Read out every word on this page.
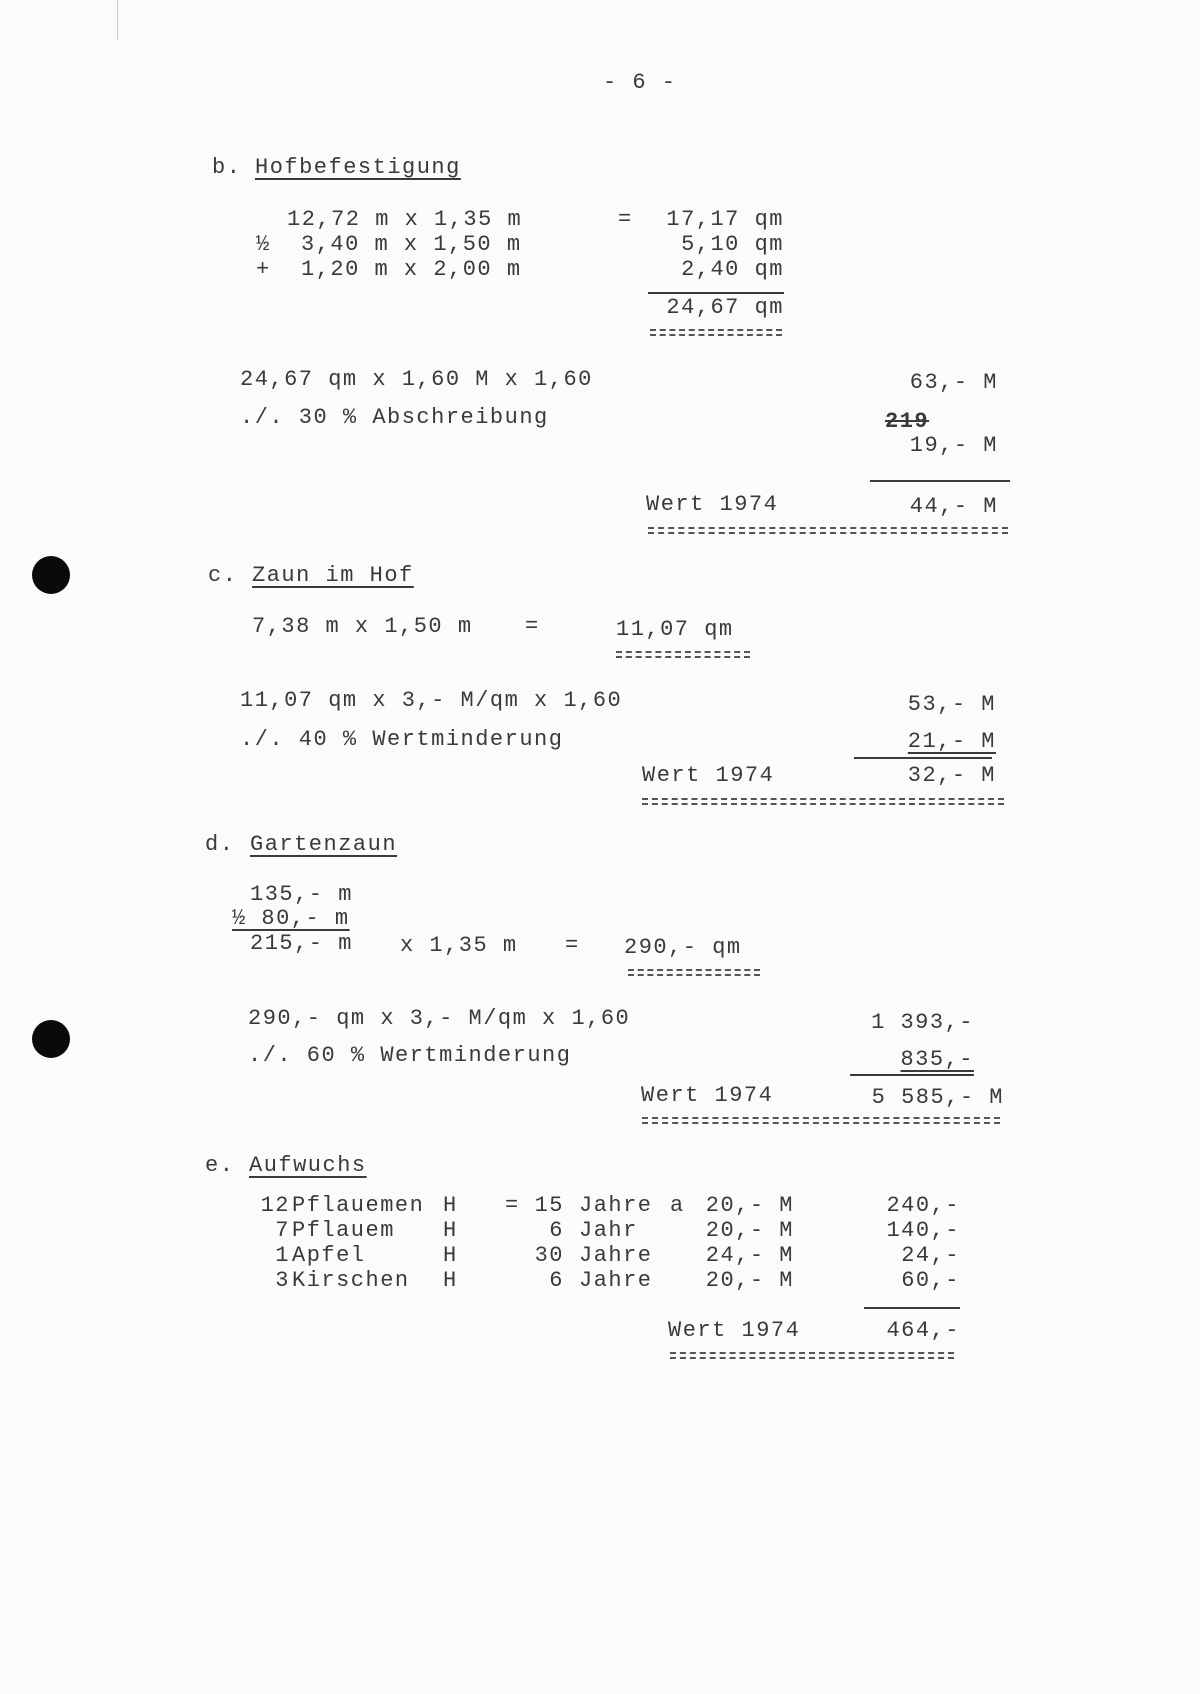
- 6 -
b. Hofbefestigung
12,72 m x 1,35 m	= 17,17 qm
½ 3,40 m x 1,50 m	5,10 qm
+ 1,20 m x 2,00 m	2,40 qm
24,67 qm
24,67 qm x 1,60 M x 1,60	63,- M
./. 30 % Abschreibung	219
19,- M
Wert 1974	44,- M
c. Zaun im Hof
7,38 m x 1,50 m =	11,07 qm
11,07 qm x 3,- M/qm x 1,60	53,- M
./. 40 % Wertminderung	21,- M
Wert 1974	32,- M
d. Gartenzaun
135,- m
½ 80,- m
215,- m x 1,35 m = 290,- qm
290,- qm x 3,- M/qm x 1,60	1 393,-
./. 60 % Wertminderung	835,-
Wert 1974	5 585,- M
e. Aufwuchs
12 Pflauemen H = 15 Jahre a 20,- M	240,-
7 Pflauem H	6 Jahr	20,- M	140,-
1 Apfel	H	30 Jahre 24,- M	24,-
3 Kirschen H	6 Jahre 20,- M	60,-
Wert 1974	464,-
